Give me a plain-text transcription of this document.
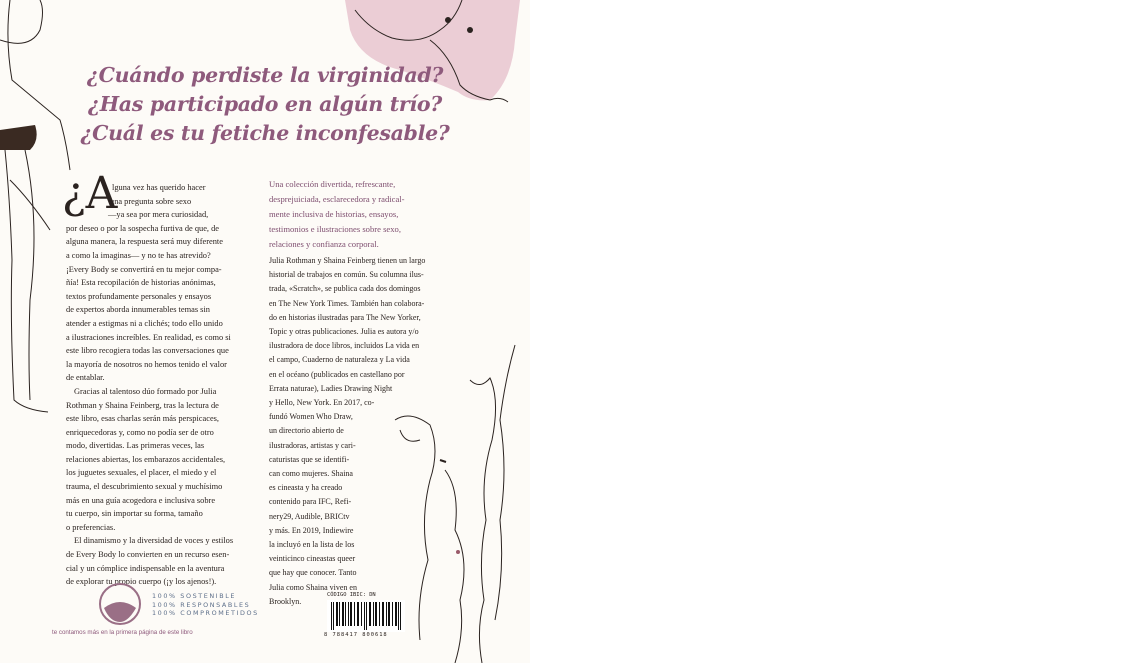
¿Cuándo perdiste la virginidad?
¿Has participado en algún trío?
¿Cuál es tu fetiche inconfesable?
¿A
lguna vez has querido hacer
una pregunta sobre sexo
—ya sea por mera curiosidad,
por deseo o por la sospecha furtiva de que, de
alguna manera, la respuesta será muy diferente
a como la imaginas— y no te has atrevido?
¡Every Body se convertirá en tu mejor compa-
ñía! Esta recopilación de historias anónimas,
textos profundamente personales y ensayos
de expertos aborda innumerables temas sin
atender a estigmas ni a clichés; todo ello unido
a ilustraciones increíbles. En realidad, es como si
este libro recogiera todas las conversaciones que
la mayoría de nosotros no hemos tenido el valor
de entablar.
Gracias al talentoso dúo formado por Julia
Rothman y Shaina Feinberg, tras la lectura de
este libro, esas charlas serán más perspicaces,
enriquecedoras y, como no podía ser de otro
modo, divertidas. Las primeras veces, las
relaciones abiertas, los embarazos accidentales,
los juguetes sexuales, el placer, el miedo y el
trauma, el descubrimiento sexual y muchísimo
más en una guía acogedora e inclusiva sobre
tu cuerpo, sin importar su forma, tamaño
o preferencias.
El dinamismo y la diversidad de voces y estilos
de Every Body lo convierten en un recurso esen-
cial y un cómplice indispensable en la aventura
de explorar tu propio cuerpo (¡y los ajenos!).
Una colección divertida, refrescante,
desprejuiciada, esclarecedora y radical-
mente inclusiva de historias, ensayos,
testimonios e ilustraciones sobre sexo,
relaciones y confianza corporal.
Julia Rothman y Shaina Feinberg tienen un largo
historial de trabajos en común. Su columna ilus-
trada, «Scratch», se publica cada dos domingos
en The New York Times. También han colabora-
do en historias ilustradas para The New Yorker,
Topic y otras publicaciones. Julia es autora y/o
ilustradora de doce libros, incluidos La vida en
el campo, Cuaderno de naturaleza y La vida
en el océano (publicados en castellano por
Errata naturae), Ladies Drawing Night
y Hello, New York. En 2017, co-
fundó Women Who Draw,
un directorio abierto de
ilustradoras, artistas y cari-
caturistas que se identifi-
can como mujeres. Shaina
es cineasta y ha creado
contenido para IFC, Refi-
nery29, Audible, BRICtv
y más. En 2019, Indiewire
la incluyó en la lista de los
veinticinco cineastas queer
que hay que conocer. Tanto
Julia como Shaina viven en
Brooklyn.
100% SOSTENIBLE
100% RESPONSABLES
100% COMPROMETIDOS
te contamos más en la primera página de este libro
CÓDIGO IBIC: DN
8 788417 800618
